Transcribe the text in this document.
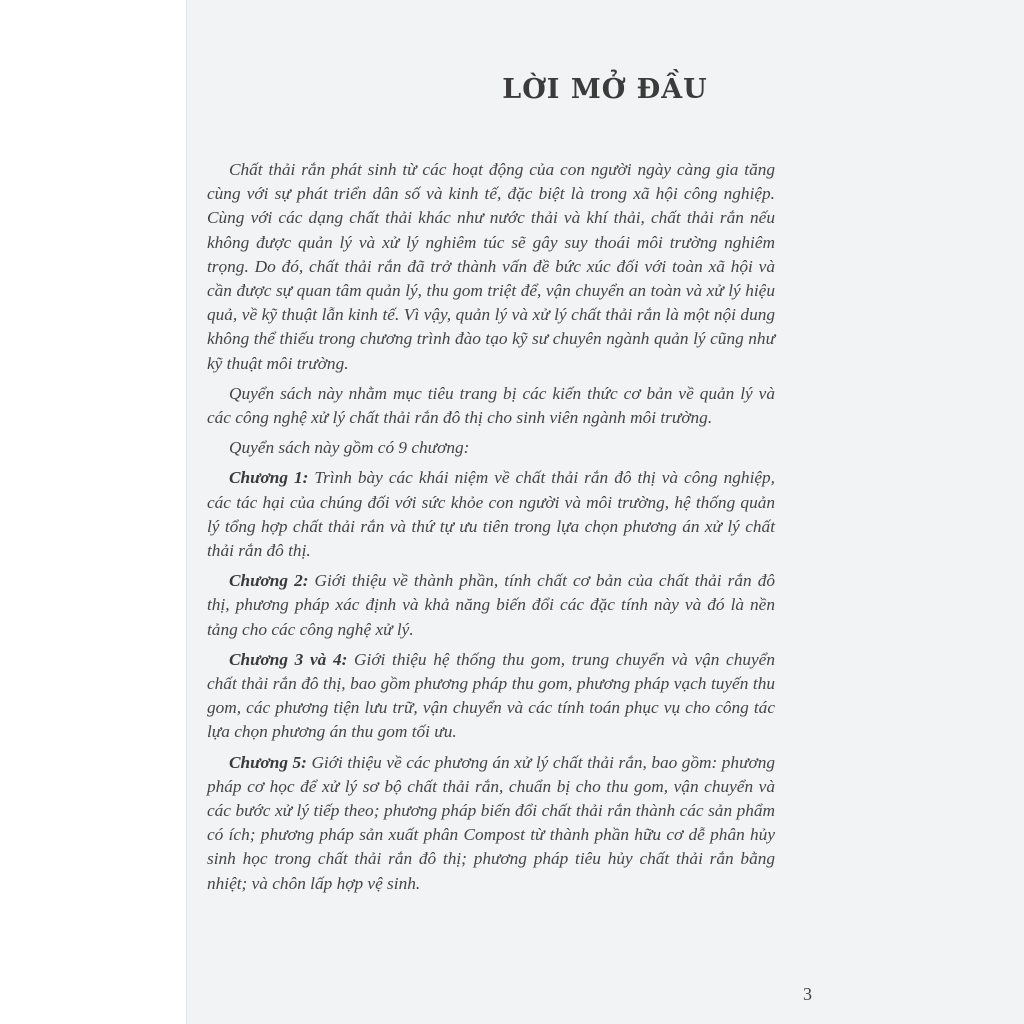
LỜI MỞ ĐẦU

Chất thải rắn phát sinh từ các hoạt động của con người ngày càng gia tăng cùng với sự phát triển dân số và kinh tế, đặc biệt là trong xã hội công nghiệp. Cùng với các dạng chất thải khác như nước thải và khí thải, chất thải rắn nếu không được quản lý và xử lý nghiêm túc sẽ gây suy thoái môi trường nghiêm trọng. Do đó, chất thải rắn đã trở thành vấn đề bức xúc đối với toàn xã hội và cần được sự quan tâm quản lý, thu gom triệt để, vận chuyển an toàn và xử lý hiệu quả, về kỹ thuật lẫn kinh tế. Vì vậy, quản lý và xử lý chất thải rắn là một nội dung không thể thiếu trong chương trình đào tạo kỹ sư chuyên ngành quản lý cũng như kỹ thuật môi trường.

Quyển sách này nhằm mục tiêu trang bị các kiến thức cơ bản về quản lý và các công nghệ xử lý chất thải rắn đô thị cho sinh viên ngành môi trường.

Quyển sách này gồm có 9 chương:

Chương 1: Trình bày các khái niệm về chất thải rắn đô thị và công nghiệp, các tác hại của chúng đối với sức khỏe con người và môi trường, hệ thống quản lý tổng hợp chất thải rắn và thứ tự ưu tiên trong lựa chọn phương án xử lý chất thải rắn đô thị.

Chương 2: Giới thiệu về thành phần, tính chất cơ bản của chất thải rắn đô thị, phương pháp xác định và khả năng biến đổi các đặc tính này và đó là nền tảng cho các công nghệ xử lý.

Chương 3 và 4: Giới thiệu hệ thống thu gom, trung chuyển và vận chuyển chất thải rắn đô thị, bao gồm phương pháp thu gom, phương pháp vạch tuyến thu gom, các phương tiện lưu trữ, vận chuyển và các tính toán phục vụ cho công tác lựa chọn phương án thu gom tối ưu.

Chương 5: Giới thiệu về các phương án xử lý chất thải rắn, bao gồm: phương pháp cơ học để xử lý sơ bộ chất thải rắn, chuẩn bị cho thu gom, vận chuyển và các bước xử lý tiếp theo; phương pháp biến đổi chất thải rắn thành các sản phẩm có ích; phương pháp sản xuất phân Compost từ thành phần hữu cơ dễ phân hủy sinh học trong chất thải rắn đô thị; phương pháp tiêu hủy chất thải rắn bằng nhiệt; và chôn lấp hợp vệ sinh.

3
